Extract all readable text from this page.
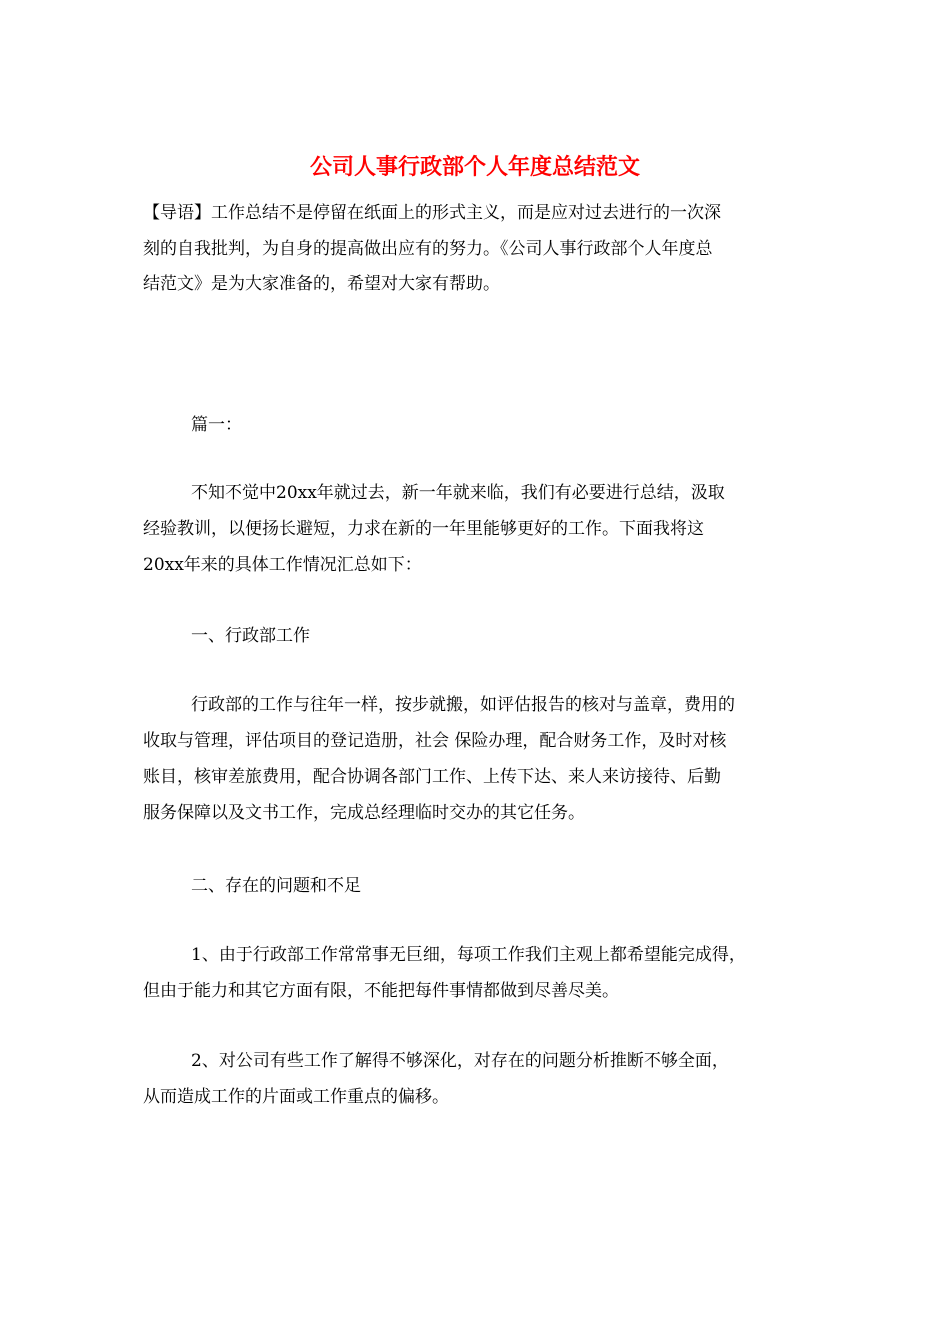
公司人事行政部个人年度总结范文
【导语】工作总结不是停留在纸面上的形式主义，而是应对过去进行的一次深
刻的自我批判，为自身的提高做出应有的努力。《公司人事行政部个人年度总
结范文》是为大家准备的，希望对大家有帮助。
篇一：
不知不觉中20xx年就过去，新一年就来临，我们有必要进行总结，汲取
经验教训，以便扬长避短，力求在新的一年里能够更好的工作。下面我将这
20xx年来的具体工作情况汇总如下：
一、行政部工作
行政部的工作与往年一样，按步就搬，如评估报告的核对与盖章，费用的
收取与管理，评估项目的登记造册，社会 保险办理，配合财务工作，及时对核
账目，核审差旅费用，配合协调各部门工作、上传下达、来人来访接待、后勤
服务保障以及文书工作，完成总经理临时交办的其它任务。
二、存在的问题和不足
1、由于行政部工作常常事无巨细，每项工作我们主观上都希望能完成得，
但由于能力和其它方面有限，不能把每件事情都做到尽善尽美。
2、对公司有些工作了解得不够深化，对存在的问题分析推断不够全面，
从而造成工作的片面或工作重点的偏移。
